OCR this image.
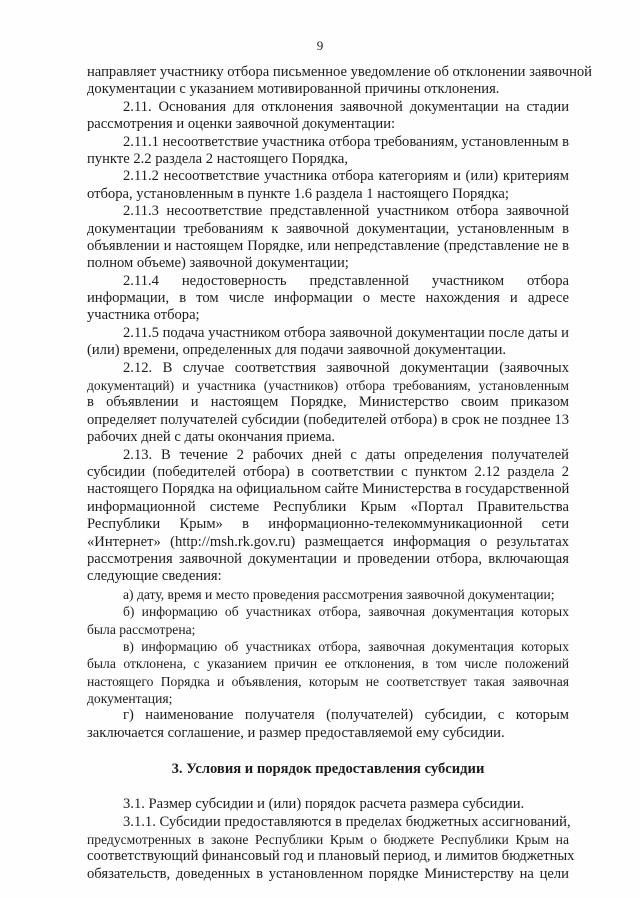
9
направляет участнику отбора письменное уведомление об отклонении заявочной
документации с указанием мотивированной причины отклонения.
2.11. Основания для отклонения заявочной документации на стадии
рассмотрения и оценки заявочной документации:
2.11.1 несоответствие участника отбора требованиям, установленным в
пункте 2.2 раздела 2 настоящего Порядка,
2.11.2 несоответствие участника отбора категориям и (или) критериям
отбора, установленным в пункте 1.6 раздела 1 настоящего Порядка;
2.11.3 несоответствие представленной участником отбора заявочной
документации требованиям к заявочной документации, установленным в
объявлении и настоящем Порядке, или непредставление (представление не в
полном объеме) заявочной документации;
2.11.4 недостоверность представленной участником отбора
информации, в том числе информации о месте нахождения и адресе
участника отбора;
2.11.5 подача участником отбора заявочной документации после даты и
(или) времени, определенных для подачи заявочной документации.
2.12. В случае соответствия заявочной документации (заявочных
документаций) и участника (участников) отбора требованиям, установленным
в объявлении и настоящем Порядке, Министерство своим приказом
определяет получателей субсидии (победителей отбора) в срок не позднее 13
рабочих дней с даты окончания приема.
2.13. В течение 2 рабочих дней с даты определения получателей
субсидии (победителей отбора) в соответствии с пунктом 2.12 раздела 2
настоящего Порядка на официальном сайте Министерства в государственной
информационной системе Республики Крым «Портал Правительства
Республики Крым» в информационно-телекоммуникационной сети
«Интернет» (http://msh.rk.gov.ru) размещается информация о результатах
рассмотрения заявочной документации и проведении отбора, включающая
следующие сведения:
а) дату, время и место проведения рассмотрения заявочной документации;
б) информацию об участниках отбора, заявочная документация которых
была рассмотрена;
в) информацию об участниках отбора, заявочная документация которых
была отклонена, с указанием причин ее отклонения, в том числе положений
настоящего Порядка и объявления, которым не соответствует такая заявочная
документация;
г) наименование получателя (получателей) субсидии, с которым
заключается соглашение, и размер предоставляемой ему субсидии.
3. Условия и порядок предоставления субсидии
3.1. Размер субсидии и (или) порядок расчета размера субсидии.
3.1.1. Субсидии предоставляются в пределах бюджетных ассигнований,
предусмотренных в законе Республики Крым о бюджете Республики Крым на
соответствующий финансовый год и плановый период, и лимитов бюджетных
обязательств, доведенных в установленном порядке Министерству на цели
